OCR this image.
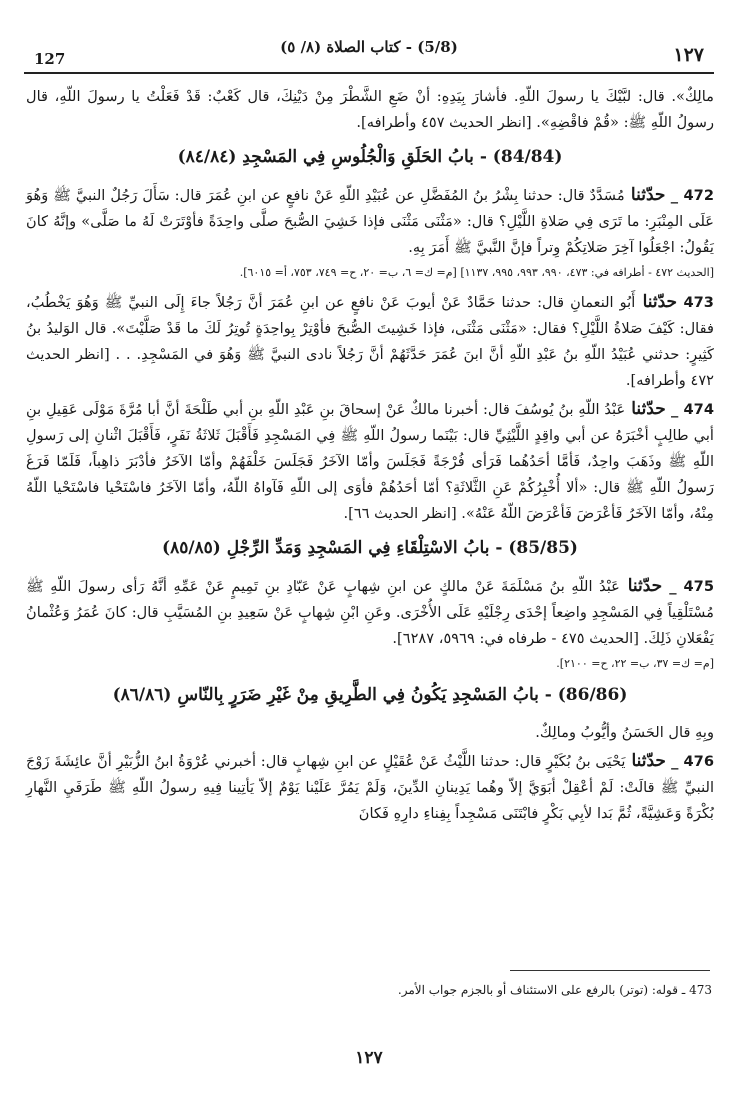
127
(5/8) - كتاب الصلاة (٨/ ٥)	١٢٧
مالِكٌ». قال: لبَّيْكَ يا رسولَ اللّهِ. فأشارَ بِيَدِهِ: أنْ ضَعِ الشَّطْرَ مِنْ دَيْنِكَ، قال كَعْبٌ: قَدْ فَعَلْتُ يا رسولَ اللّهِ، قال رسولُ اللّهِ ﷺ: «قُمْ فاقْضِهِ». [انظر الحديث ٤٥٧ وأطرافه].
(84/84) - بابُ الحَلَقِ وَالْجُلُوسِ فِي المَسْجِدِ (٨٤/٨٤)
472 _ حدّثنا مُسَدَّدٌ قال: حدثنا بِشْرُ بنُ المُفَضَّلِ عن عُبَيْدِ اللّهِ عَنْ نافعٍ عن ابنِ عُمَرَ قال: سَأَلَ رَجُلٌ النبيَّ ﷺ وَهُوَ عَلَى المِنْبَرِ: ما تَرَى فِي صَلاةِ اللَّيْلِ؟ قال: «مَثْنَى مَثْنَى فإذا خَشِيَ الصُّبحَ صلَّى واحِدَةً فأوْتَرَتْ لَهُ ما صَلَّى» وإنَّهُ كانَ يَقُولُ: اجْعَلُوا آخِرَ صَلاتِكُمْ وِتراً فإنَّ النَّبيَّ ﷺ أَمَرَ بِهِ.
[الحديث ٤٧٢ - أطرافه في: ٤٧٣، ٩٩٠، ٩٩٣، ٩٩٥، ١١٣٧] [م= ك= ٦، ب= ٢٠، ح= ٧٤٩، ٧٥٣، أ= ٦٠١٥].
473 حدّثنا أَبُو النعمانِ قال: حدثنا حَمَّادٌ عَنْ أيوبَ عَنْ نافعٍ عن ابنِ عُمَرَ أنَّ رَجُلاً جاءَ إِلَى النبيِّ ﷺ وَهُوَ يَخْطُبُ، فقال: كَيْفَ صَلاةُ اللَّيْلِ؟ فقال: «مَثْنَى مَثْنَى، فإذا خَشِيتَ الصُّبحَ فأوْتِرْ بِواحِدَةٍ تُوتِرُ لَكَ ما قَدْ صَلَّيْتَ». قال الوَليدُ بنُ كَثِيرٍ: حدثني عُبَيْدُ اللّهِ بنُ عَبْدِ اللّهِ أنَّ ابنَ عُمَرَ حَدَّثَهُمْ أنَّ رَجُلاً نادى النبيَّ ﷺ وَهُوَ في المَسْجِدِ. . . [انظر الحديث ٤٧٢ وأطرافه].
474 _ حدّثنا عَبْدُ اللّهِ بنُ يُوسُفَ قال: أخبرنا مالكٌ عَنْ إسحاقَ بنِ عَبْدِ اللّهِ بنِ أبي طَلْحَةَ أنَّ أبا مُرَّةَ مَوْلَى عَقِيلِ بنِ أبي طالِبٍ أخْبَرَهُ عن أبي واقِدٍ اللَّيْثِيِّ قال: بَيْنَما رسولُ اللّهِ ﷺ فِي المَسْجِدِ فَأَقْبَلَ ثَلاثَةُ نَفَرٍ، فَأَقْبَلَ اثْنانِ إلى رَسولِ اللّهِ ﷺ وذَهَبَ واحِدٌ، فَأمَّا أحَدُهُما فَرَأى فُرْجَةً فَجَلَسَ وأمّا الآخَرُ فَجَلَسَ خَلْفَهُمْ وأمّا الآخَرُ فأدْبَرَ ذاهِباً، فَلَمّا فَرَغَ رَسولُ اللّهِ ﷺ قال: «ألا أُخْبِرُكُمْ عَنِ الثَّلاثَةِ؟ أمّا أحَدُهُمْ فأوَى إلى اللّهِ فَآواهُ اللّهُ، وأمّا الآخَرُ فاسْتَحْيا فاسْتَحْيا اللّهُ مِنْهُ، وأمّا الآخَرُ فَأعْرَضَ فَأعْرَضَ اللّهُ عَنْهُ». [انظر الحديث ٦٦].
(85/85) - بابُ الاسْتِلْقَاءِ فِي المَسْجِدِ وَمَدِّ الرِّجْلِ (٨٥/٨٥)
475 _ حدّثنا عَبْدُ اللّهِ بنُ مَسْلَمَةَ عَنْ مالكٍ عن ابنِ شِهابٍ عَنْ عَبّادِ بنِ تَمِيمٍ عَنْ عَمِّهِ أنَّهُ رَأى رسولَ اللّهِ ﷺ مُسْتَلْقِياً فِي المَسْجِدِ واضِعاً إحْدَى رِجْلَيْهِ عَلَى الأُخْرَى. وعَنِ ابْنِ شِهابٍ عَنْ سَعِيدِ بنِ المُسَيَّبِ قال: كانَ عُمَرُ وَعُثْمانُ يَفْعَلانِ ذَلِكَ. [الحديث ٤٧٥ - طرفاه في: ٥٩٦٩، ٦٢٨٧].
[م= ك= ٣٧، ب= ٢٢، ح= ٢١٠٠].
(86/86) - بابُ المَسْجِدِ يَكُونُ فِي الطَّرِيقِ مِنْ غَيْرِ ضَرَرٍ بِالنّاسِ (٨٦/٨٦)
وبِهِ قال الحَسَنُ وأيُّوبُ ومالِكٌ.
476 _ حدّثنا يَحْيَى بنُ بُكَيْرٍ قال: حدثنا اللَّيْثُ عَنْ عُقَيْلٍ عن ابنِ شِهابٍ قال: أخبرني عُرْوَةُ ابنُ الزُّبَيْرِ أنَّ عائِشَةَ زَوْجَ النبيِّ ﷺ قالَتْ: لَمْ أعْقِلْ أبَوَيَّ إلاّ وهُما يَدِينانِ الدِّينَ، وَلَمْ يَمُرَّ عَلَيْنا يَوْمٌ إلاّ يَأتِينا فِيهِ رسولُ اللّهِ ﷺ طَرَفَيِ النَّهارِ بُكْرَةً وَعَشِيَّةً، ثُمَّ بَدا لأبِي بَكْرٍ فابْتَنَى مَسْجِداً بِفِناءِ دارِهِ فَكانَ
473 ـ قوله: (توتر) بالرفع على الاستئناف أو بالجزم جواب الأمر.
١٢٧
